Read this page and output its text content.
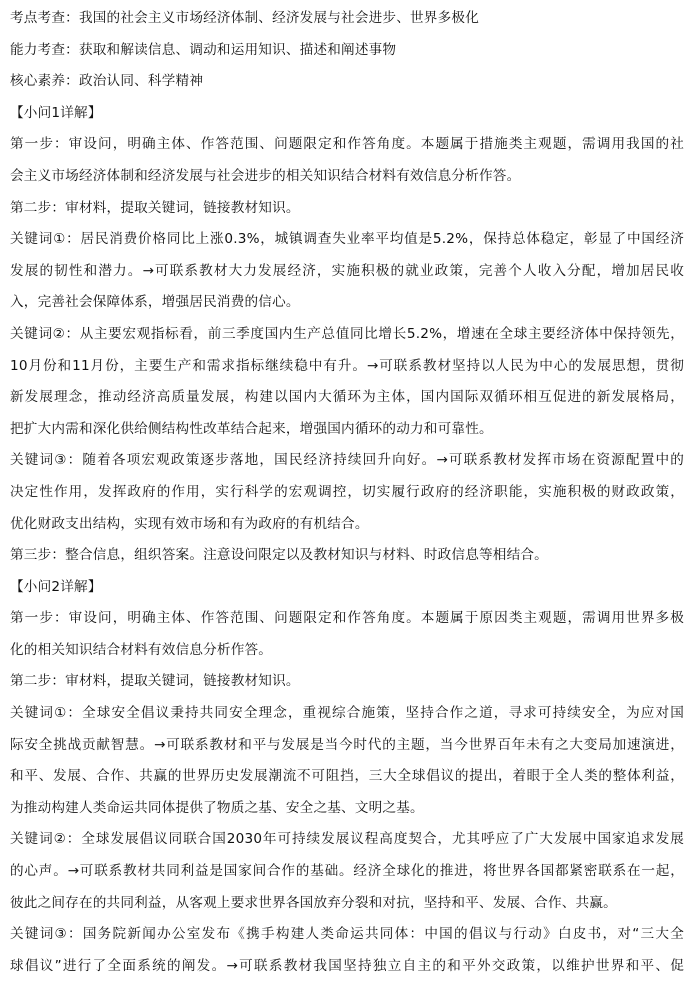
考点考查：我国的社会主义市场经济体制、经济发展与社会进步、世界多极化
能力考查：获取和解读信息、调动和运用知识、描述和阐述事物
核心素养：政治认同、科学精神
【小问1详解】
第一步：审设问，明确主体、作答范围、问题限定和作答角度。本题属于措施类主观题，需调用我国的社
会主义市场经济体制和经济发展与社会进步的相关知识结合材料有效信息分析作答。
第二步：审材料，提取关键词，链接教材知识。
关键词①：居民消费价格同比上涨0.3%，城镇调查失业率平均值是5.2%，保持总体稳定，彰显了中国经济
发展的韧性和潜力。→可联系教材大力发展经济，实施积极的就业政策，完善个人收入分配，增加居民收
入，完善社会保障体系，增强居民消费的信心。
关键词②：从主要宏观指标看，前三季度国内生产总值同比增长5.2%，增速在全球主要经济体中保持领先，
10月份和11月份，主要生产和需求指标继续稳中有升。→可联系教材坚持以人民为中心的发展思想，贯彻
新发展理念，推动经济高质量发展，构建以国内大循环为主体，国内国际双循环相互促进的新发展格局，
把扩大内需和深化供给侧结构性改革结合起来，增强国内循环的动力和可靠性。
关键词③：随着各项宏观政策逐步落地，国民经济持续回升向好。→可联系教材发挥市场在资源配置中的
决定性作用，发挥政府的作用，实行科学的宏观调控，切实履行政府的经济职能，实施积极的财政政策，
优化财政支出结构，实现有效市场和有为政府的有机结合。
第三步：整合信息，组织答案。注意设问限定以及教材知识与材料、时政信息等相结合。
【小问2详解】
第一步：审设问，明确主体、作答范围、问题限定和作答角度。本题属于原因类主观题，需调用世界多极
化的相关知识结合材料有效信息分析作答。
第二步：审材料，提取关键词，链接教材知识。
关键词①：全球安全倡议秉持共同安全理念，重视综合施策，坚持合作之道，寻求可持续安全，为应对国
际安全挑战贡献智慧。→可联系教材和平与发展是当今时代的主题，当今世界百年未有之大变局加速演进，
和平、发展、合作、共赢的世界历史发展潮流不可阻挡，三大全球倡议的提出，着眼于全人类的整体利益，
为推动构建人类命运共同体提供了物质之基、安全之基、文明之基。
关键词②：全球发展倡议同联合国2030年可持续发展议程高度契合，尤其呼应了广大发展中国家追求发展
的心声。→可联系教材共同利益是国家间合作的基础。经济全球化的推进，将世界各国都紧密联系在一起，
彼此之间存在的共同利益，从客观上要求世界各国放弃分裂和对抗，坚持和平、发展、合作、共赢。
关键词③：国务院新闻办公室发布《携手构建人类命运共同体：中国的倡议与行动》白皮书，对“三大全
球倡议”进行了全面系统的阐发。→可联系教材我国坚持独立自主的和平外交政策，以维护世界和平、促
